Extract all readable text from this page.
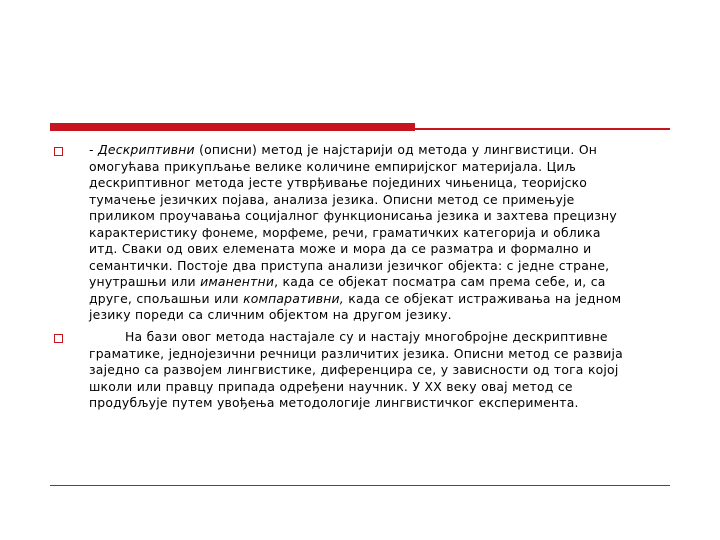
- Дескриптивни (описни) метод је најстарији од метода у лингвистици. Он
омогућава прикупљање велике количине емпиријског материјала. Циљ
дескриптивног метода јесте утврђивање појединих чињеница, теоријско
тумачење језичких појава, анализа језика. Описни метод се примењује
приликом проучавања социјалног функционисања језика и захтева прецизну
карактеристику фонеме, морфеме, речи, граматичких категорија и облика
итд. Сваки од ових елемената може и мора да се разматра и формално и
семантички. Постоје два приступа анализи језичког објекта: с једне стране,
унутрашњи или иманентни, када се објекат посматра сам према себе, и, са
друге, спољашњи или компаративни, када се објекат истраживања на једном
језику пореди са сличним објектом на другом језику.
На бази овог метода настајале су и настају многобројне дескриптивне
граматике, једнојезични речници различитих језика. Описни метод се развија
заједно са развојем лингвистике, диференцира се, у зависности од тога којој
школи или правцу припада одређени научник. У XX веку овај метод се
продубљује путем увођења методологије лингвистичког експеримента.
